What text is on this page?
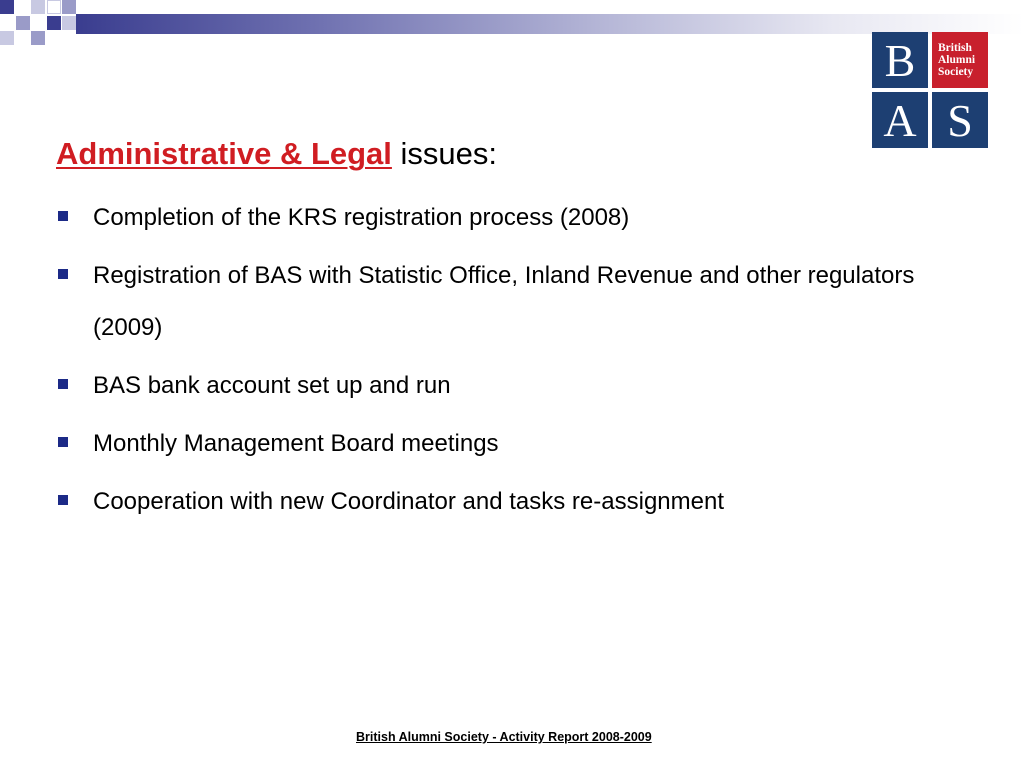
B	British
Alumni
Society
A S
Administrative & Legal issues:
Completion of the KRS registration process (2008)
Registration of BAS with Statistic Office, Inland Revenue and other regulators (2009)
BAS bank account set up and run
Monthly Management Board meetings
Cooperation with new Coordinator and tasks re-assignment
British Alumni Society - Activity Report 2008-2009
